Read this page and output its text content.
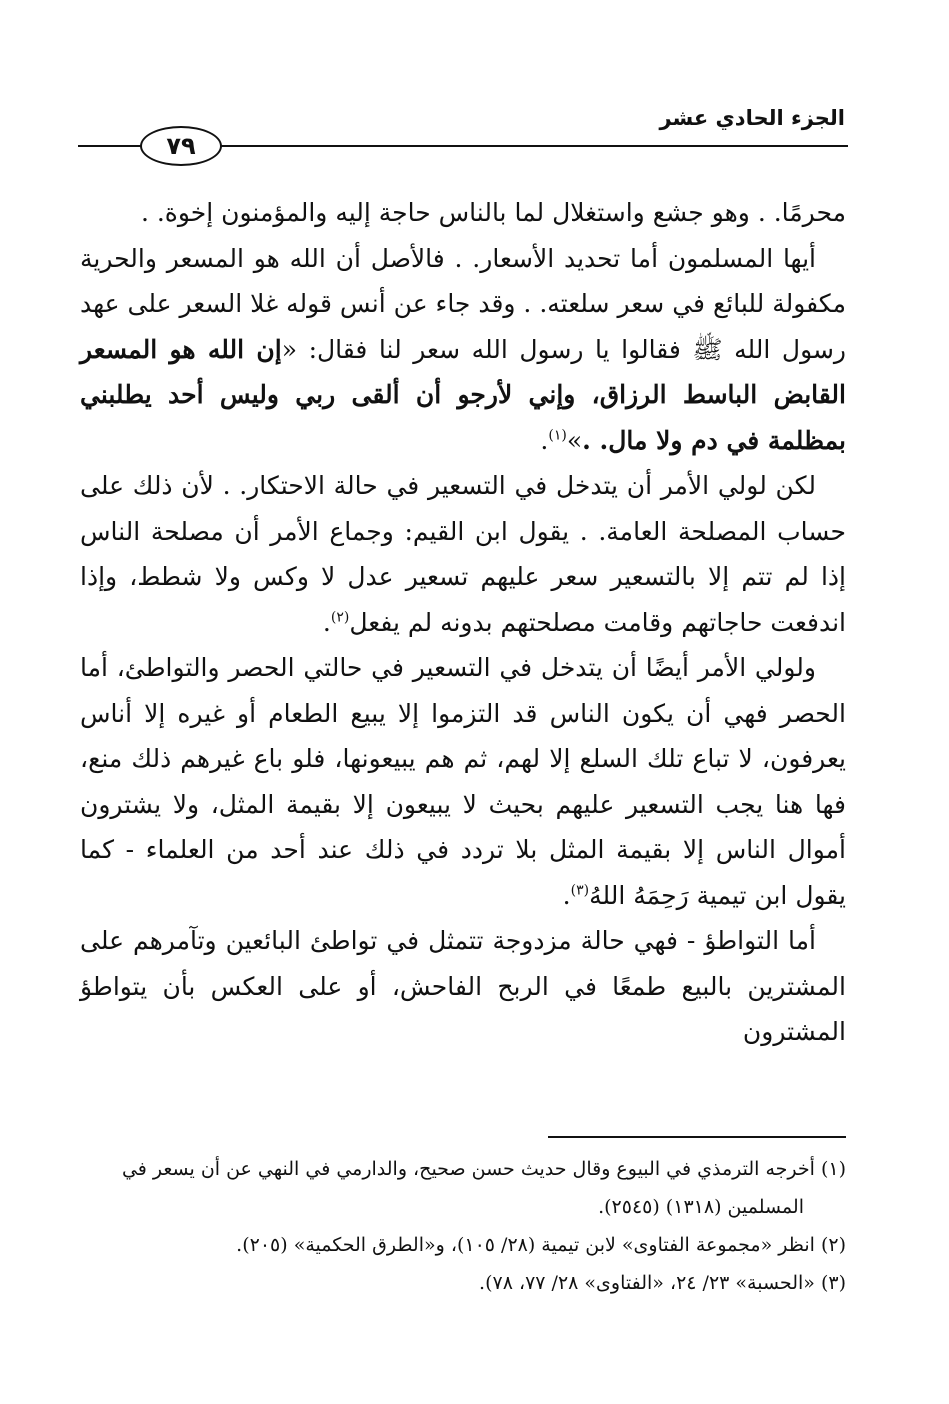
الجزء الحادي عشر
٧٩

محرمًا. . وهو جشع واستغلال لما بالناس حاجة إليه والمؤمنون إخوة. .

أيها المسلمون أما تحديد الأسعار. . فالأصل أن الله هو المسعر والحرية مكفولة للبائع في سعر سلعته. . وقد جاء عن أنس قوله غلا السعر على عهد رسول الله ﷺ فقالوا يا رسول الله سعر لنا فقال: «إن الله هو المسعر القابض الباسط الرزاق، وإني لأرجو أن ألقى ربي وليس أحد يطلبني بمظلمة في دم ولا مال. .»$^{(١)}$.

لكن لولي الأمر أن يتدخل في التسعير في حالة الاحتكار. . لأن ذلك على حساب المصلحة العامة. . يقول ابن القيم: وجماع الأمر أن مصلحة الناس إذا لم تتم إلا بالتسعير سعر عليهم تسعير عدل لا وكس ولا شطط، وإذا اندفعت حاجاتهم وقامت مصلحتهم بدونه لم يفعل$^{(٢)}$.

ولولي الأمر أيضًا أن يتدخل في التسعير في حالتي الحصر والتواطئ، أما الحصر فهي أن يكون الناس قد التزموا إلا يبيع الطعام أو غيره إلا أناس يعرفون، لا تباع تلك السلع إلا لهم، ثم هم يبيعونها، فلو باع غيرهم ذلك منع، فها هنا يجب التسعير عليهم بحيث لا يبيعون إلا بقيمة المثل، ولا يشترون أموال الناس إلا بقيمة المثل بلا تردد في ذلك عند أحد من العلماء - كما يقول ابن تيمية رَحِمَهُ اللهُ$^{(٣)}$.

أما التواطؤ - فهي حالة مزدوجة تتمثل في تواطئ البائعين وتآمرهم على المشترين بالبيع طمعًا في الربح الفاحش، أو على العكس بأن يتواطؤ المشترون

(١) أخرجه الترمذي في البيوع وقال حديث حسن صحيح، والدارمي في النهي عن أن يسعر في

المسلمين (١٣١٨) (٢٥٤٥).

(٢) انظر «مجموعة الفتاوى» لابن تيمية (٢٨/ ١٠٥)، و«الطرق الحكمية» (٢٠٥).

(٣) «الحسبة» ٢٣/ ٢٤، «الفتاوى» ٢٨/ ٧٧، ٧٨).
